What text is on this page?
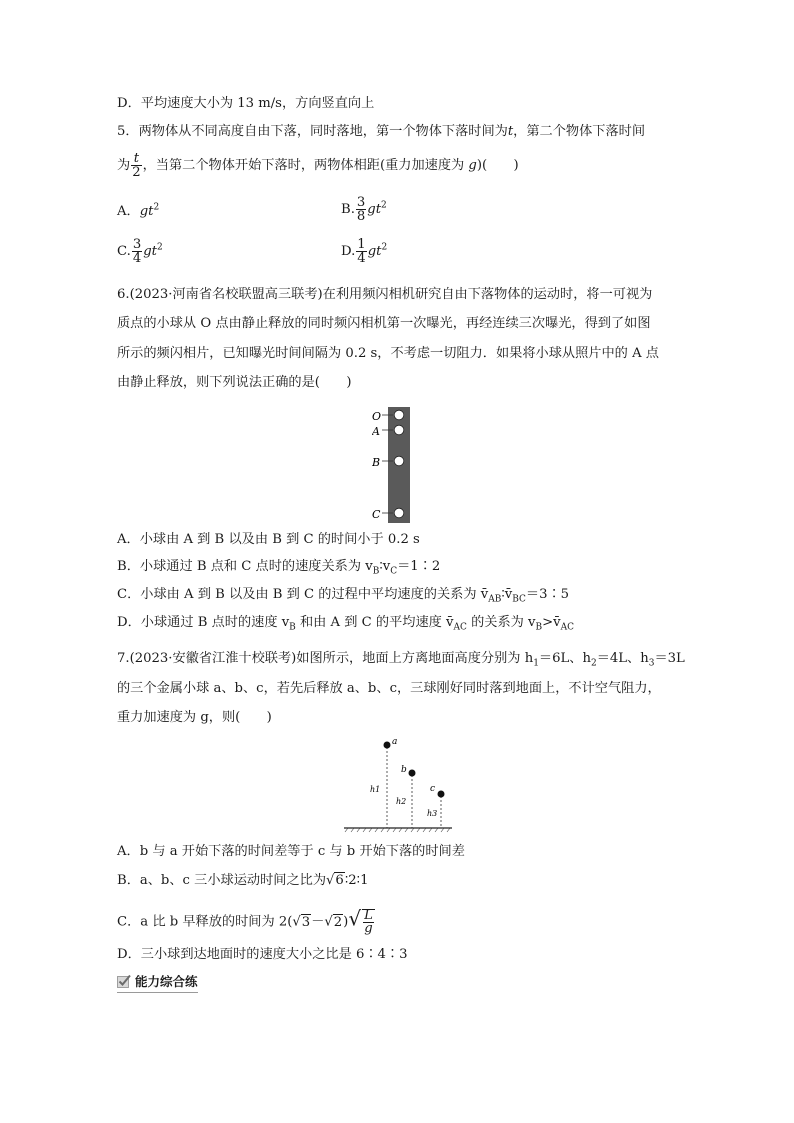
D．平均速度大小为 13 m/s，方向竖直向上
5．两物体从不同高度自由下落，同时落地，第一个物体下落时间为t，第二个物体下落时间
为 $\frac{t}{2}$ ，当第二个物体开始下落时，两物体相距(重力加速度为 g)(　　)
A．$gt^2$	B. $\frac{3}{8} gt^2$
C. $\frac{3}{4} gt^2$	D. $\frac{1}{4} gt^2$
6.(2023·河南省名校联盟高三联考)在利用频闪相机研究自由下落物体的运动时，将一可视为
质点的小球从 O 点由静止释放的同时频闪相机第一次曝光，再经连续三次曝光，得到了如图
所示的频闪相片，已知曝光时间间隔为 0.2 s，不考虑一切阻力．如果将小球从照片中的 A 点
由静止释放，则下列说法正确的是(　　)
O
A
B
C
A．小球由 A 到 B 以及由 B 到 C 的时间小于 0.2 s
B．小球通过 B 点和 C 点时的速度关系为 $v_B∶v_C=1∶2$
C．小球由 A 到 B 以及由 B 到 C 的过程中平均速度的关系为 $v̄_{AB}∶v̄_{BC}=3∶5$
D．小球通过 B 点时的速度 $v_B$ 和由 A 到 C 的平均速度 $v̄_{AC}$ 的关系为 $v_B>v̄_{AC}$
7.(2023·安徽省江淮十校联考)如图所示，地面上方离地面高度分别为 $h_1=6L$、$h_2=4L$、$h_3=3L$
的三个金属小球 a、b、c，若先后释放 a、b、c，三球刚好同时落到地面上，不计空气阻力，
重力加速度为 g，则(　　)
a
b
c
h1
h2
h3
A．b 与 a 开始下落的时间差等于 c 与 b 开始下落的时间差
B．a、b、c 三小球运动时间之比为√6∶2∶1
C．a 比 b 早释放的时间为 $2(√3-√2)√ \frac{L}{g}$
D．三小球到达地面时的速度大小之比是 6∶4∶3
能力综合练
